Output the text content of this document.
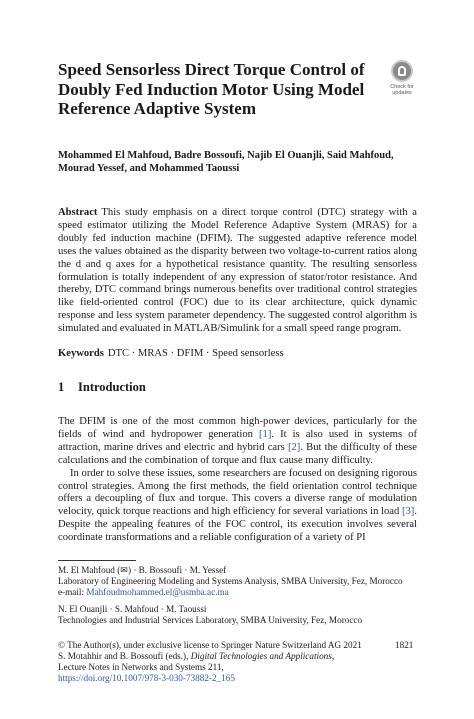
Speed Sensorless Direct Torque Control of Doubly Fed Induction Motor Using Model Reference Adaptive System
Check for
updates
Mohammed El Mahfoud, Badre Bossoufi, Najib El Ouanjli, Said Mahfoud,
Mourad Yessef, and Mohammed Taoussi
Abstract This study emphasis on a direct torque control (DTC) strategy with a speed estimator utilizing the Model Reference Adaptive System (MRAS) for a doubly fed induction machine (DFIM). The suggested adaptive reference model uses the values obtained as the disparity between two voltage-to-current ratios along the d and q axes for a hypothetical resistance quantity. The resulting sensorless formulation is totally independent of any expression of stator/rotor resistance. And thereby, DTC command brings numerous benefits over traditional control strategies like field-oriented control (FOC) due to its clear architecture, quick dynamic response and less system parameter dependency. The suggested control algorithm is simulated and evaluated in MATLAB/Simulink for a small speed range program.
Keywords DTC · MRAS · DFIM · Speed sensorless
1 Introduction

The DFIM is one of the most common high-power devices, particularly for the fields of wind and hydropower generation [1]. It is also used in systems of attraction, marine drives and electric and hybrid cars [2]. But the difficulty of these calculations and the combination of torque and flux cause many difficulty.

In order to solve these issues, some researchers are focused on designing rigorous control strategies. Among the first methods, the field orientation control technique offers a decoupling of flux and torque. This covers a diverse range of modulation velocity, quick torque reactions and high efficiency for several variations in load [3]. Despite the appealing features of the FOC control, its execution involves several coordinate transformations and a reliable configuration of a variety of PI

M. El Mahfoud (✉) · B. Bossoufi · M. Yessef
Laboratory of Engineering Modeling and Systems Analysis, SMBA University, Fez, Morocco
e-mail: Mahfoudmohammed.el@usmba.ac.ma
N. El Ouanjli · S. Mahfoud · M. Taoussi
Technologies and Industrial Services Laboratory, SMBA University, Fez, Morocco
© The Author(s), under exclusive license to Springer Nature Switzerland AG 2021
S. Motahhir and B. Bossoufi (eds.), Digital Technologies and Applications,
Lecture Notes in Networks and Systems 211,
https://doi.org/10.1007/978-3-030-73882-2_165
1821
